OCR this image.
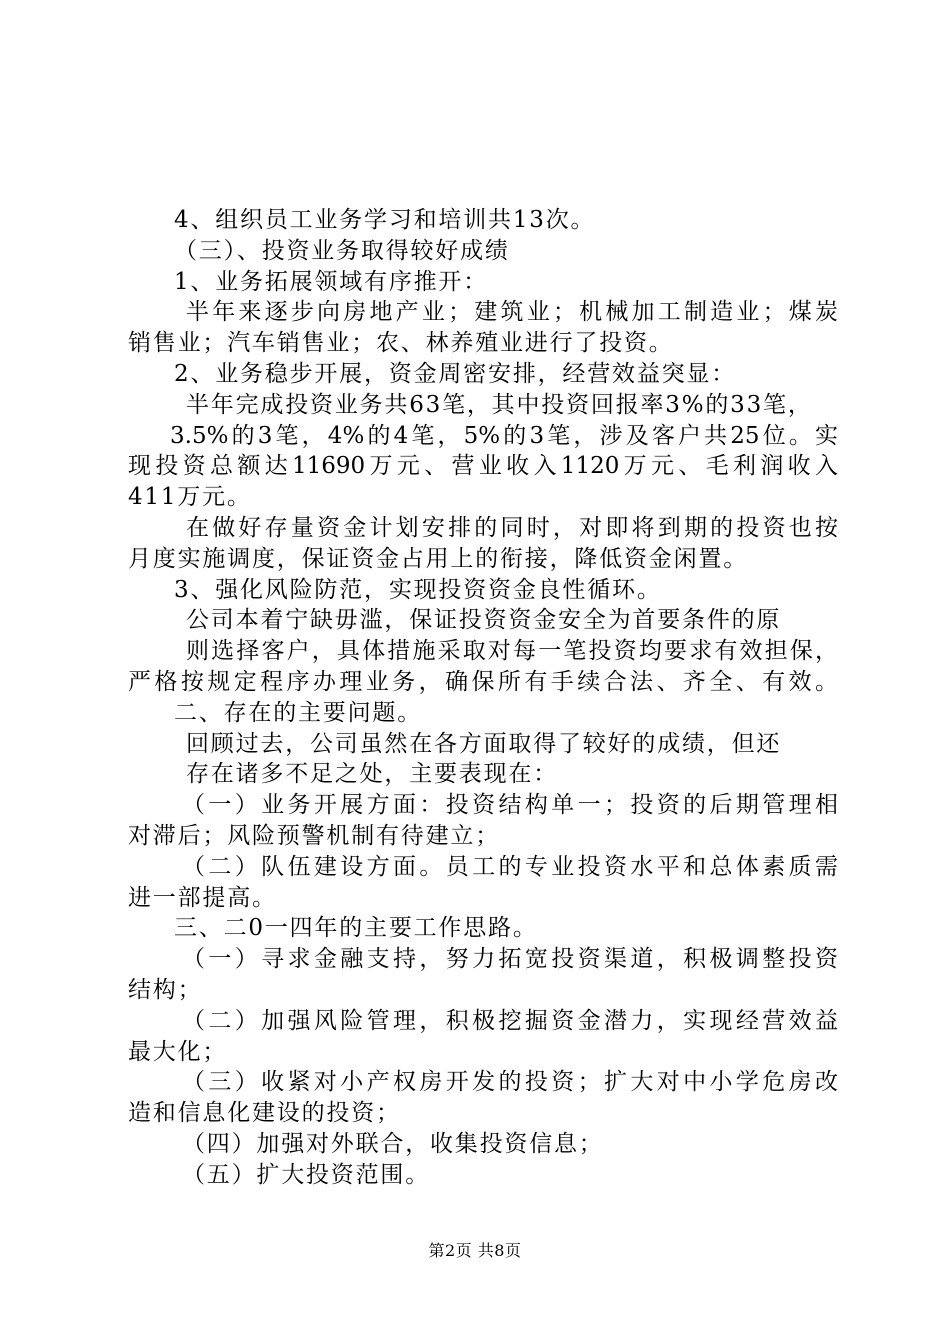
4、组织员工业务学习和培训共13次。
（三）、投资业务取得较好成绩
1、业务拓展领域有序推开：
半年来逐步向房地产业；建筑业；机械加工制造业；煤炭
销售业；汽车销售业；农、林养殖业进行了投资。
2、业务稳步开展，资金周密安排，经营效益突显：
半年完成投资业务共63笔，其中投资回报率3%的33笔，
3.5%的3笔，4%的4笔，5%的3笔，涉及客户共25位。实
现投资总额达11690万元、营业收入1120万元、毛利润收入
411万元。
在做好存量资金计划安排的同时，对即将到期的投资也按
月度实施调度，保证资金占用上的衔接，降低资金闲置。
3、强化风险防范，实现投资资金良性循环。
公司本着宁缺毋滥，保证投资资金安全为首要条件的原
则选择客户，具体措施采取对每一笔投资均要求有效担保，
严格按规定程序办理业务，确保所有手续合法、齐全、有效。
二、存在的主要问题。
回顾过去，公司虽然在各方面取得了较好的成绩，但还
存在诸多不足之处，主要表现在：
（一）业务开展方面：投资结构单一；投资的后期管理相
对滞后；风险预警机制有待建立；
（二）队伍建设方面。员工的专业投资水平和总体素质需
进一部提高。
三、二0一四年的主要工作思路。
（一）寻求金融支持，努力拓宽投资渠道，积极调整投资
结构；
（二）加强风险管理，积极挖掘资金潜力，实现经营效益
最大化；
（三）收紧对小产权房开发的投资；扩大对中小学危房改
造和信息化建设的投资；
（四）加强对外联合，收集投资信息；
（五）扩大投资范围。
第2页 共8页
